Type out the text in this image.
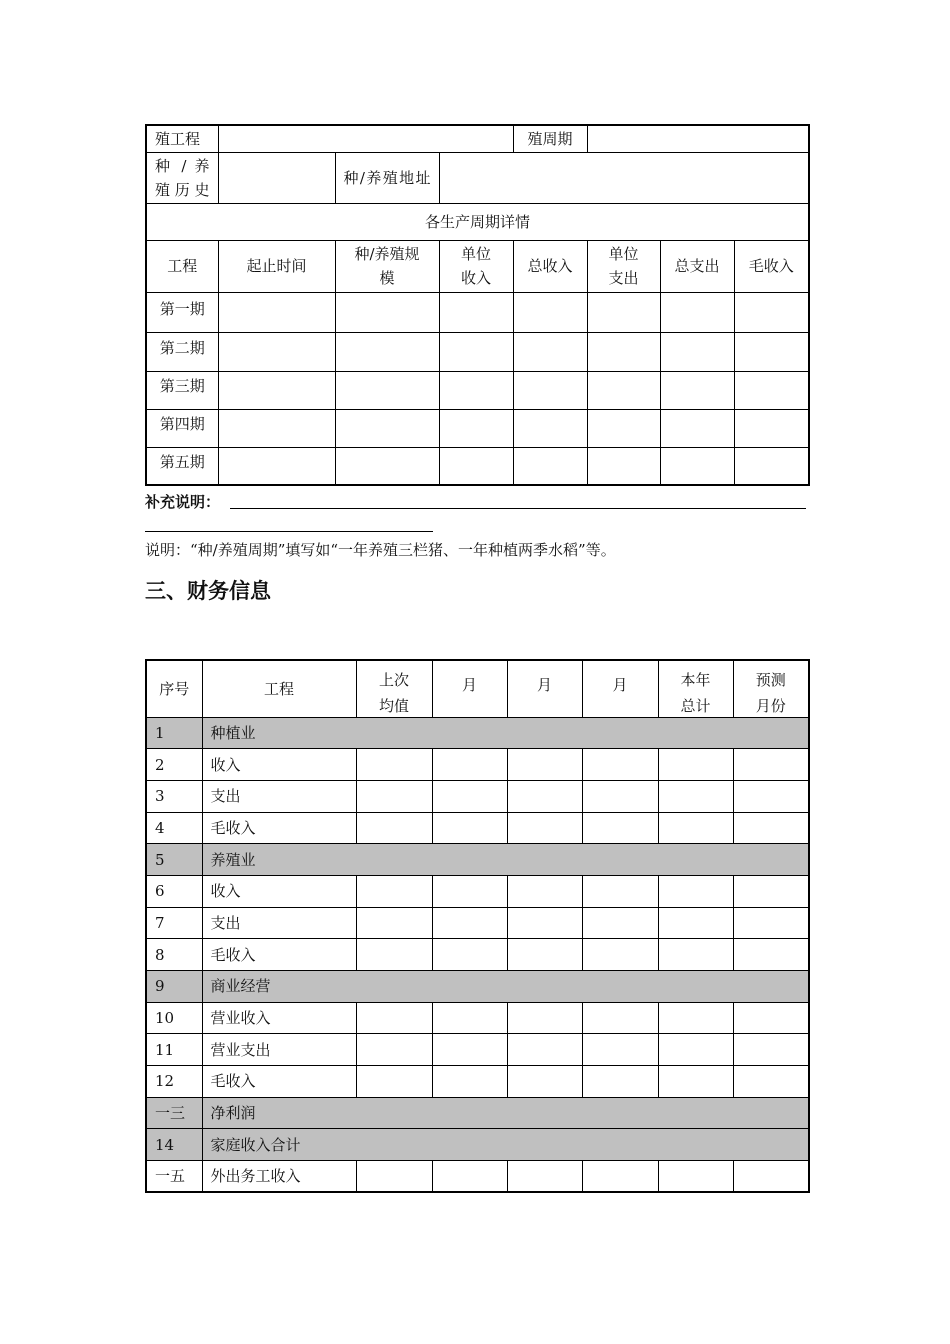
殖工程				殖周期			
种 / 养殖历史		种/养殖地址					
各生产周期详情							
工程	起止时间	种/养殖规模	单位收入	总收入	单位支出	总支出	毛收入
第一期							
第二期							
第三期							
第四期							
第五期							
补充说明：
说明：“种/养殖周期”填写如“一年养殖三栏猪、一年种植两季水稻”等。
三、财务信息
序号	工程	上次均值	月	月	月	本年总计	预测月份

1	种植业						
2	收入						
3	支出						
4	毛收入						
5	养殖业						
6	收入						
7	支出						
8	毛收入						
9	商业经营						
10	营业收入						
11	营业支出						
12	毛收入						
一三	净利润						
14	家庭收入合计						
一五	外出务工收入						
